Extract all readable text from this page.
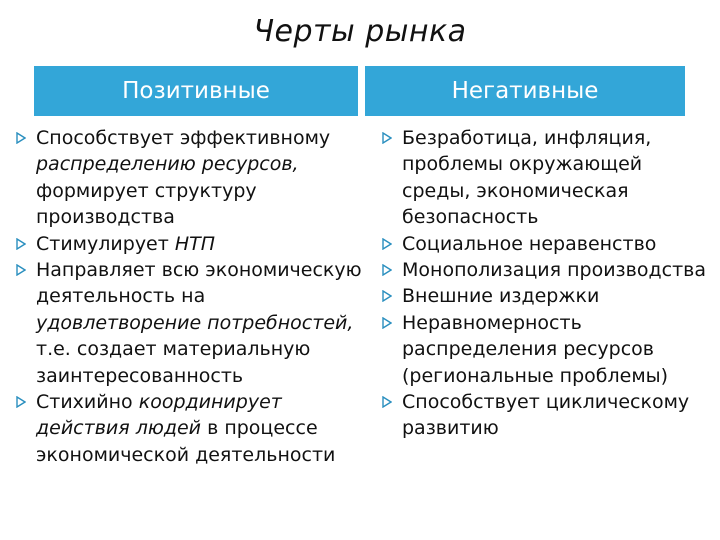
Черты рынка
Позитивные	Негативные
Способствует эффективному распределению ресурсов, формирует структуру производства
Стимулирует НТП
Направляет всю экономическую деятельность на удовлетворение потребностей, т.е. создает материальную заинтересованность
Стихийно координирует действия людей в процессе экономической деятельности
Безработица, инфляция, проблемы окружающей среды, экономическая безопасность
Социальное неравенство
Монополизация производства
Внешние издержки
Неравномерность распределения ресурсов (региональные проблемы)
Способствует циклическому развитию
